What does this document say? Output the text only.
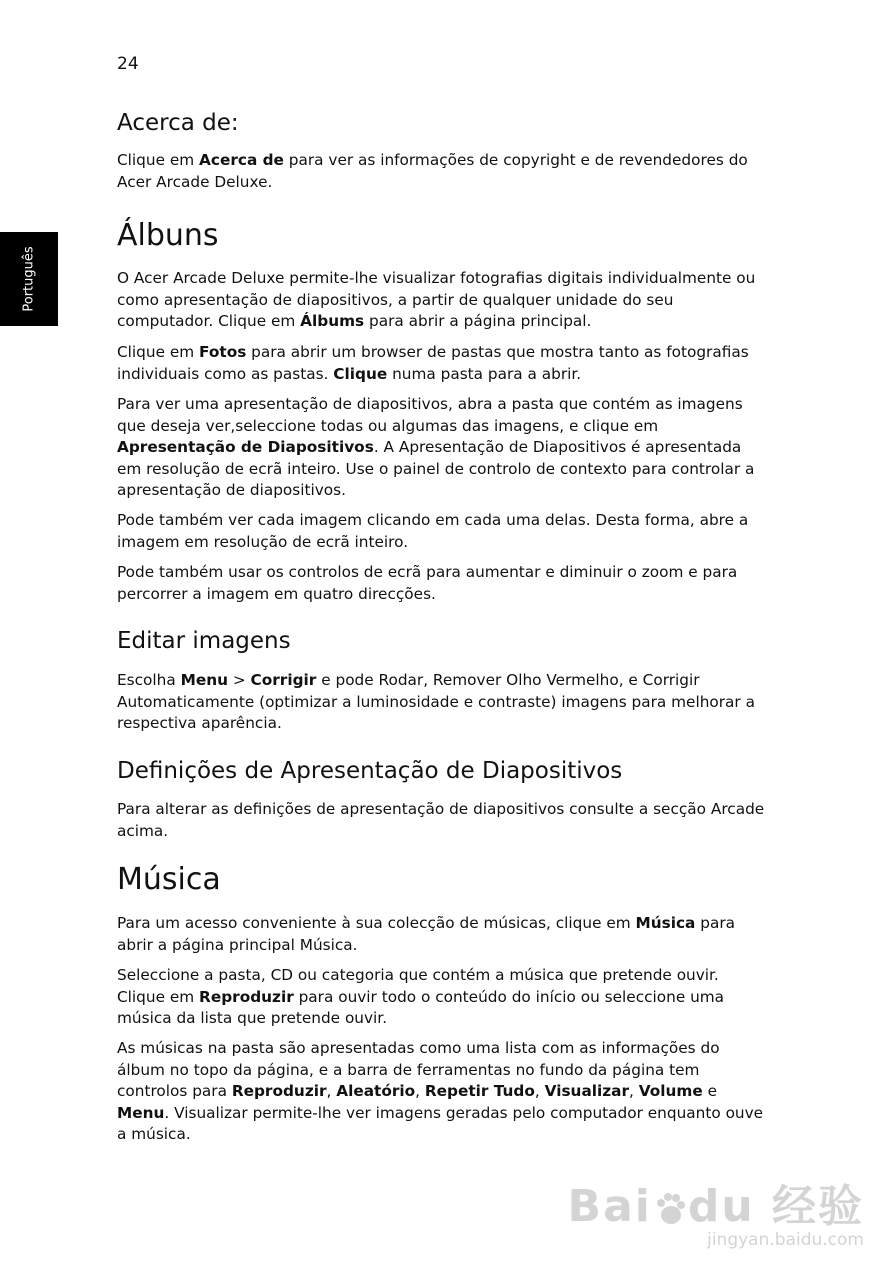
24
Português
Acerca de:

Clique em Acerca de para ver as informações de copyright e de revendedores do Acer Arcade Deluxe.

Álbuns

O Acer Arcade Deluxe permite-lhe visualizar fotografias digitais individualmente ou como apresentação de diapositivos, a partir de qualquer unidade do seu computador. Clique em Álbums para abrir a página principal.

Clique em Fotos para abrir um browser de pastas que mostra tanto as fotografias individuais como as pastas. Clique numa pasta para a abrir.

Para ver uma apresentação de diapositivos, abra a pasta que contém as imagens que deseja ver,seleccione todas ou algumas das imagens, e clique em Apresentação de Diapositivos. A Apresentação de Diapositivos é apresentada em resolução de ecrã inteiro. Use o painel de controlo de contexto para controlar a apresentação de diapositivos.

Pode também ver cada imagem clicando em cada uma delas. Desta forma, abre a imagem em resolução de ecrã inteiro.

Pode também usar os controlos de ecrã para aumentar e diminuir o zoom e para percorrer a imagem em quatro direcções.

Editar imagens

Escolha Menu > Corrigir e pode Rodar, Remover Olho Vermelho, e Corrigir Automaticamente (optimizar a luminosidade e contraste) imagens para melhorar a respectiva aparência.

Definições de Apresentação de Diapositivos

Para alterar as definições de apresentação de diapositivos consulte a secção Arcade acima.

Música

Para um acesso conveniente à sua colecção de músicas, clique em Música para abrir a página principal Música.

Seleccione a pasta, CD ou categoria que contém a música que pretende ouvir. Clique em Reproduzir para ouvir todo o conteúdo do início ou seleccione uma música da lista que pretende ouvir.

As músicas na pasta são apresentadas como uma lista com as informações do álbum no topo da página, e a barra de ferramentas no fundo da página tem controlos para Reproduzir, Aleatório, Repetir Tudo, Visualizar, Volume e Menu. Visualizar permite-lhe ver imagens geradas pelo computador enquanto ouve a música.

Bai du 经验
jingyan.baidu.com
